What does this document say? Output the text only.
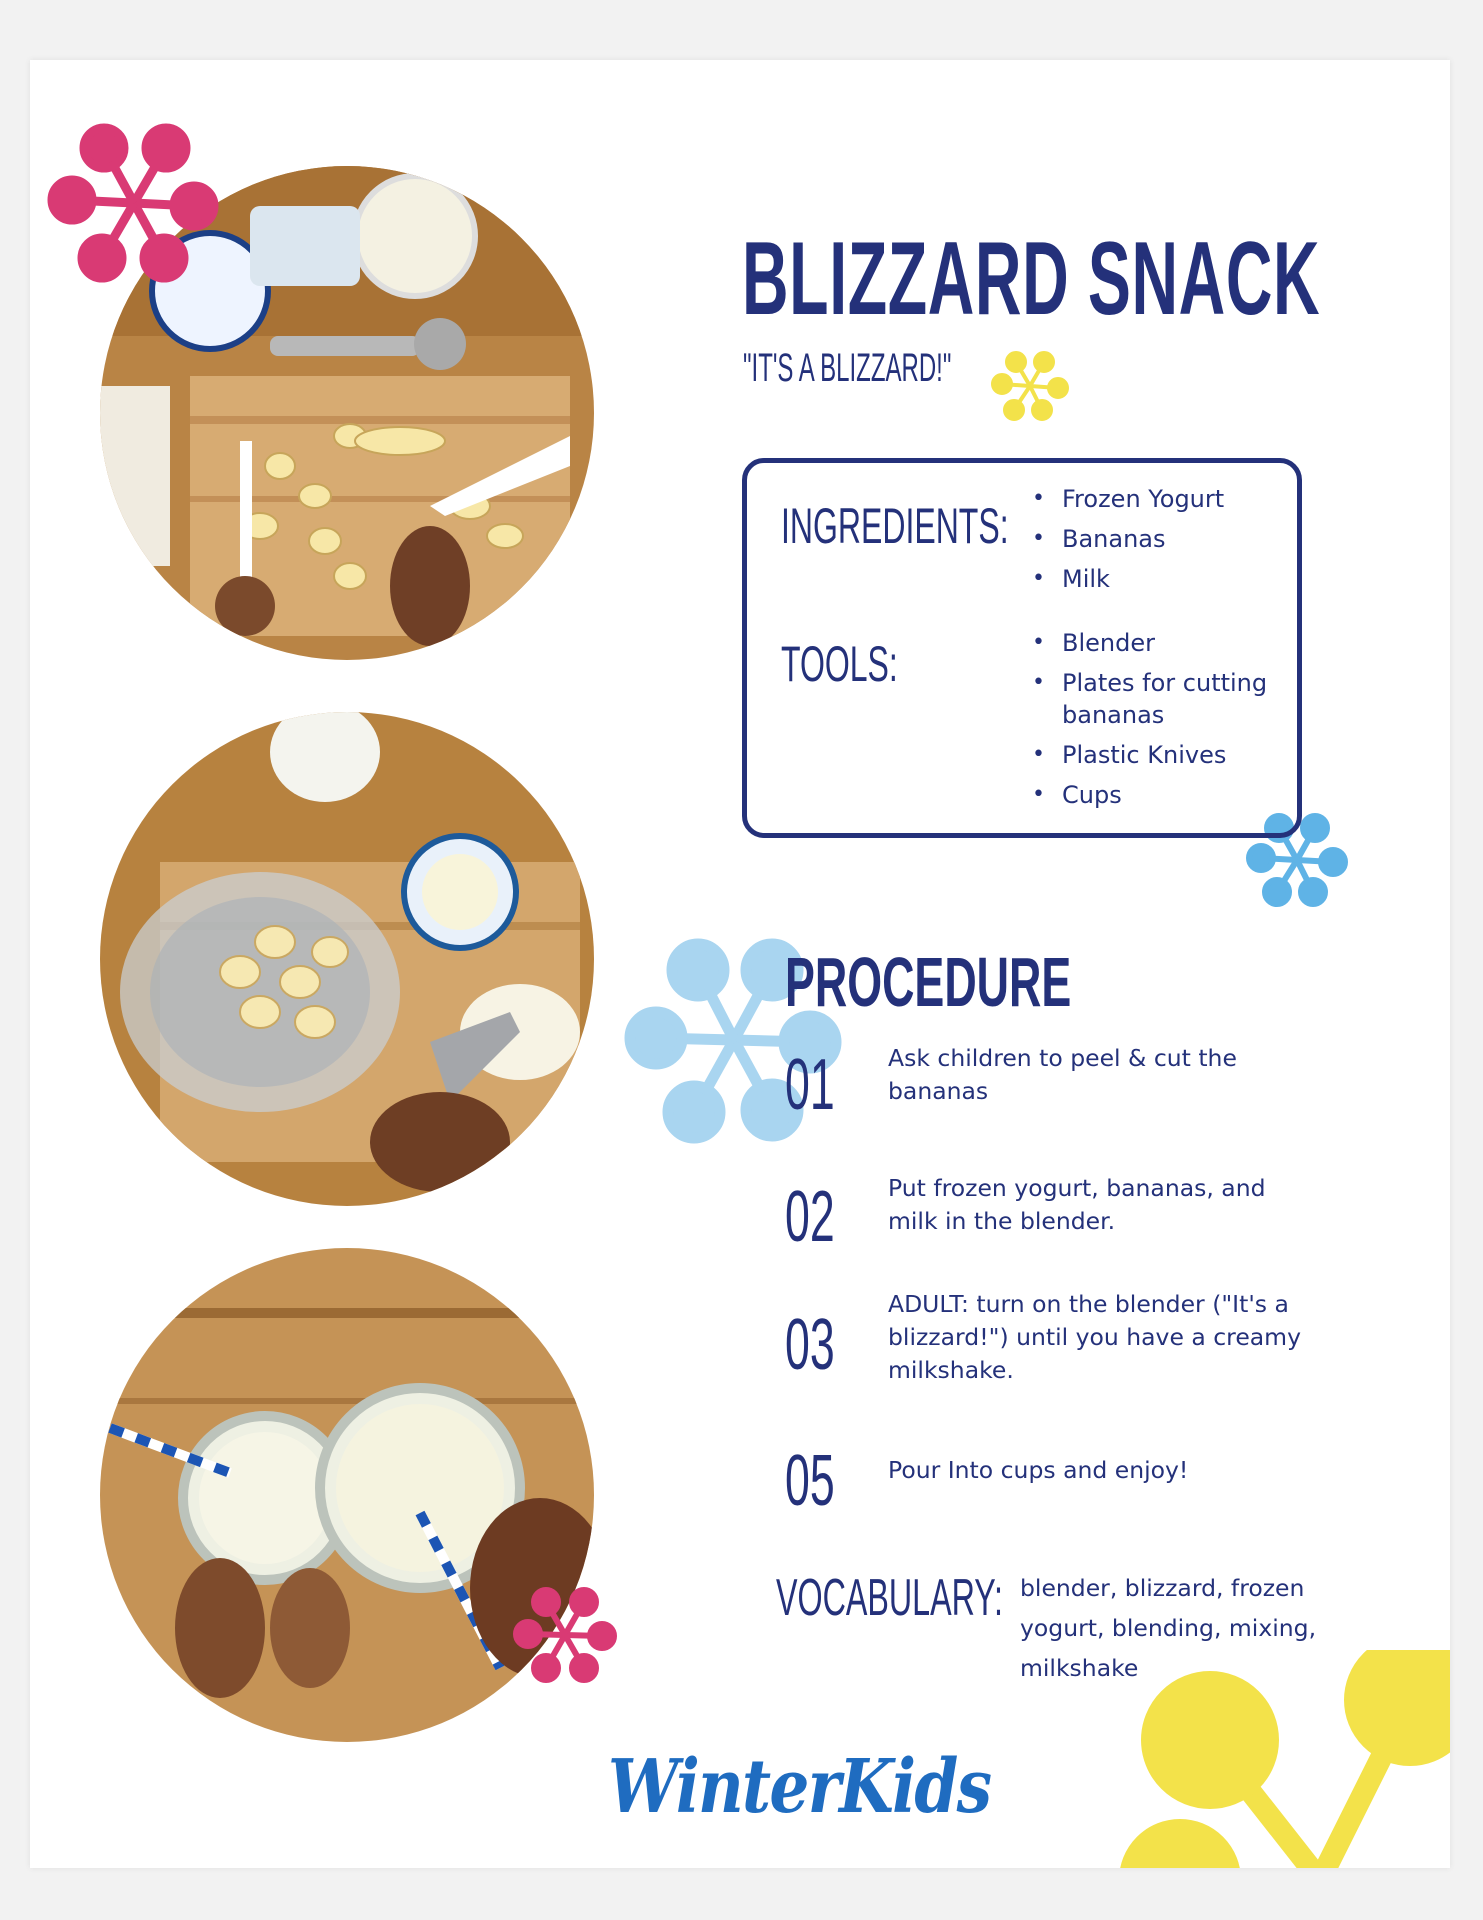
BLIZZARD SNACK
"IT'S A BLIZZARD!"
INGREDIENTS:	• Frozen Yogurt
• Bananas
• Milk
TOOLS:	• Blender
• Plates for cutting bananas
• Plastic Knives
• Cups
PROCEDURE
01 Ask children to peel & cut the bananas
02 Put frozen yogurt, bananas, and milk in the blender.
03
ADULT: turn on the blender ("It's a blizzard!") until you have a creamy milkshake.
05 Pour Into cups and enjoy!
VOCABULARY: blender, blizzard, frozen yogurt, blending, mixing, milkshake
WinterKids
